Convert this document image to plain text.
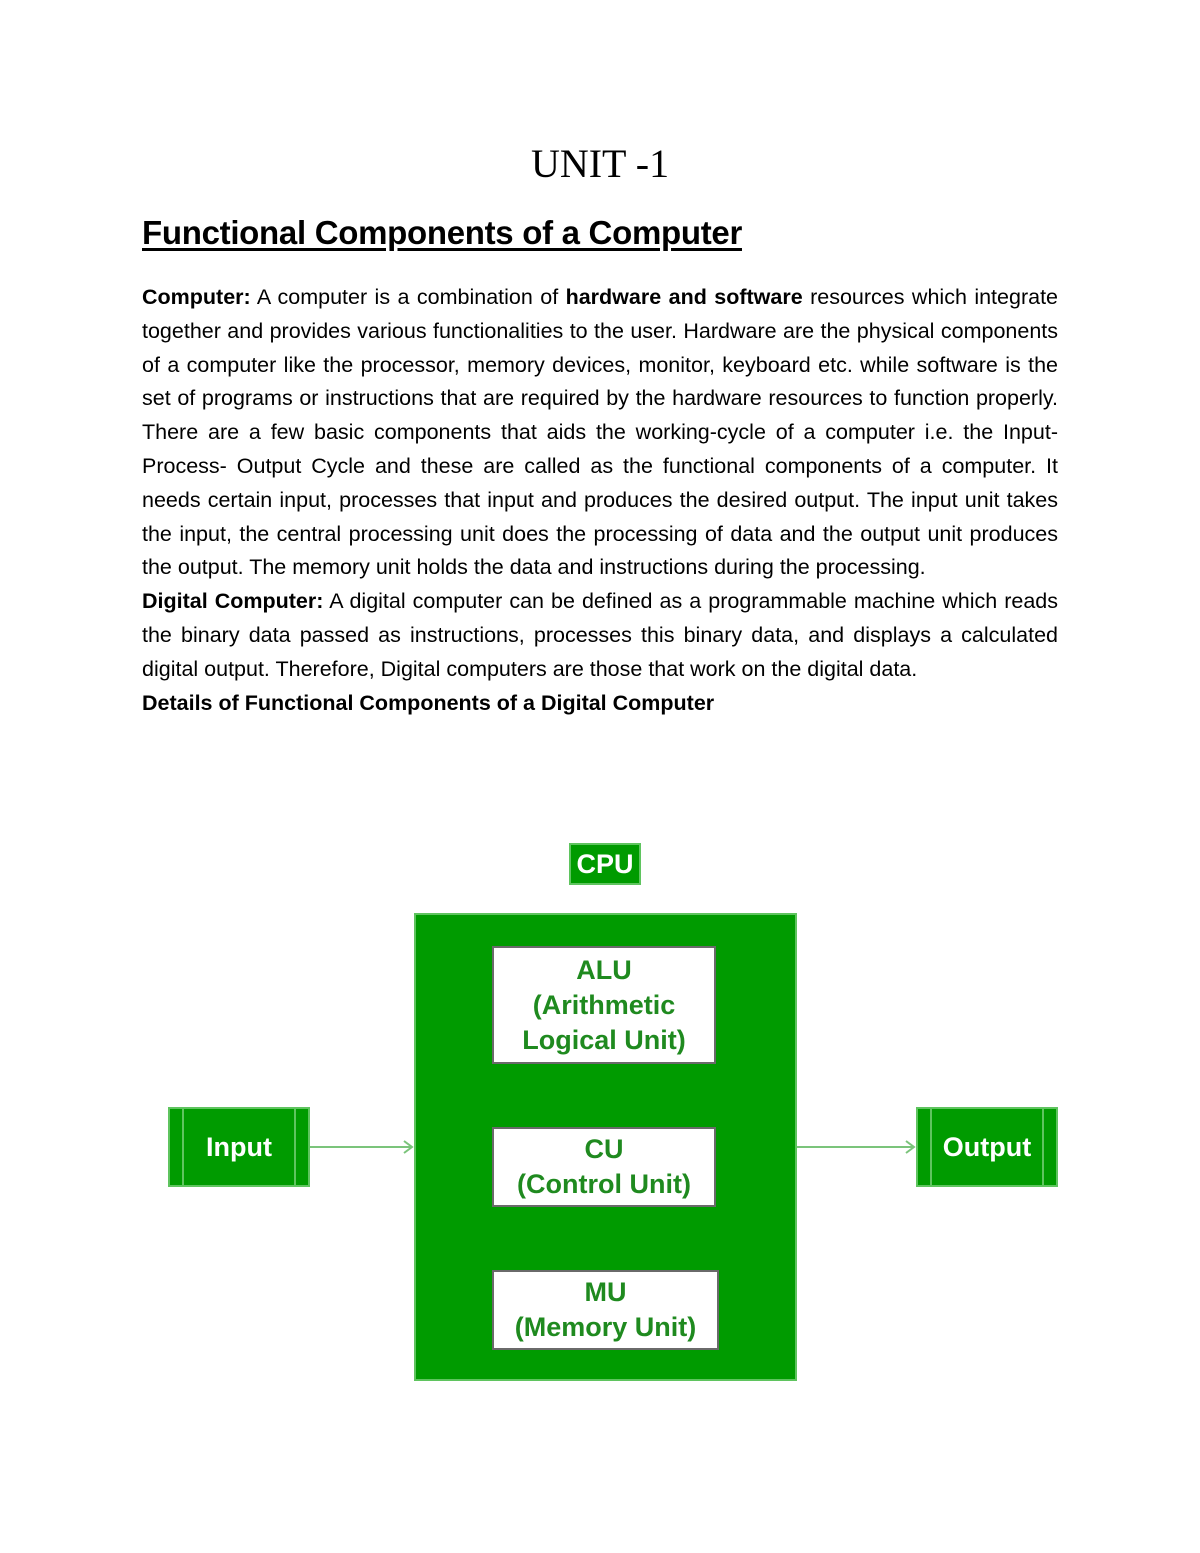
UNIT -1
Functional Components of a Computer

Computer: A computer is a combination of hardware and software resources which integrate together and provides various functionalities to the user. Hardware are the physical components of a computer like the processor, memory devices, monitor, keyboard etc. while software is the set of programs or instructions that are required by the hardware resources to function properly. There are a few basic components that aids the working-cycle of a computer i.e. the Input- Process- Output Cycle and these are called as the functional components of a computer. It needs certain input, processes that input and produces the desired output. The input unit takes the input, the central processing unit does the processing of data and the output unit produces the output. The memory unit holds the data and instructions during the processing.

Digital Computer: A digital computer can be defined as a programmable machine which reads the binary data passed as instructions, processes this binary data, and displays a calculated digital output. Therefore, Digital computers are those that work on the digital data.

Details of Functional Components of a Digital Computer

CPU
ALU
(Arithmetic
Logical Unit)
CU
(Control Unit)
MU
(Memory Unit)
Input	Output
